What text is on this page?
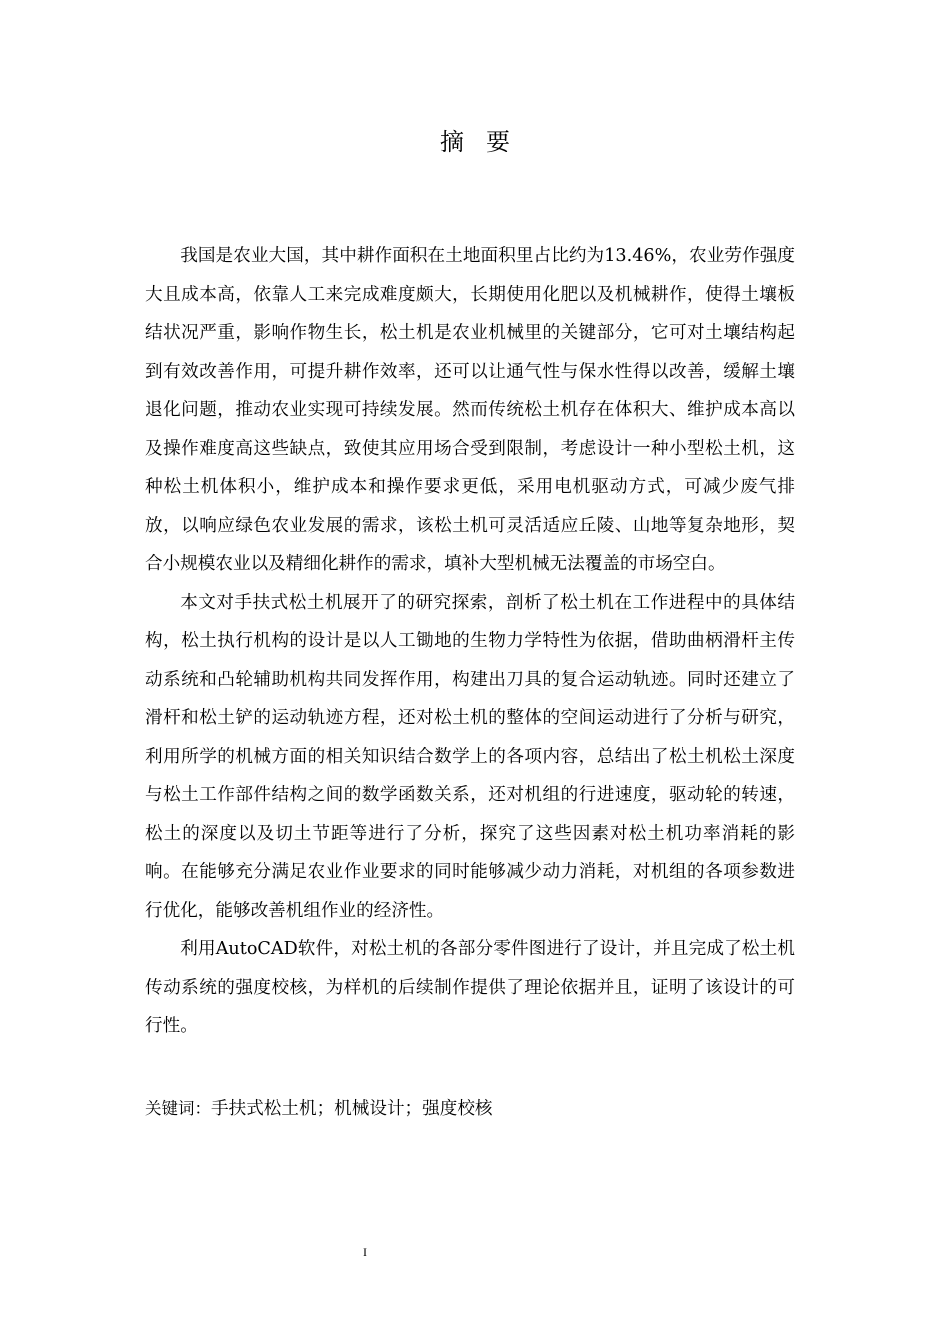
摘要

我国是农业大国，其中耕作面积在土地面积里占比约为13.46%，农业劳作强度大且成本高，依靠人工来完成难度颇大，长期使用化肥以及机械耕作，使得土壤板结状况严重，影响作物生长，松土机是农业机械里的关键部分，它可对土壤结构起到有效改善作用，可提升耕作效率，还可以让通气性与保水性得以改善，缓解土壤退化问题，推动农业实现可持续发展。然而传统松土机存在体积大、维护成本高以及操作难度高这些缺点，致使其应用场合受到限制，考虑设计一种小型松土机，这种松土机体积小，维护成本和操作要求更低，采用电机驱动方式，可减少废气排放，以响应绿色农业发展的需求，该松土机可灵活适应丘陵、山地等复杂地形，契合小规模农业以及精细化耕作的需求，填补大型机械无法覆盖的市场空白。

本文对手扶式松土机展开了的研究探索，剖析了松土机在工作进程中的具体结构，松土执行机构的设计是以人工锄地的生物力学特性为依据，借助曲柄滑杆主传动系统和凸轮辅助机构共同发挥作用，构建出刀具的复合运动轨迹。同时还建立了滑杆和松土铲的运动轨迹方程，还对松土机的整体的空间运动进行了分析与研究，利用所学的机械方面的相关知识结合数学上的各项内容，总结出了松土机松土深度与松土工作部件结构之间的数学函数关系，还对机组的行进速度，驱动轮的转速，松土的深度以及切土节距等进行了分析，探究了这些因素对松土机功率消耗的影响。在能够充分满足农业作业要求的同时能够减少动力消耗，对机组的各项参数进行优化，能够改善机组作业的经济性。

利用AutoCAD软件，对松土机的各部分零件图进行了设计，并且完成了松土机传动系统的强度校核，为样机的后续制作提供了理论依据并且，证明了该设计的可行性。

关键词：手扶式松土机；机械设计；强度校核
I
